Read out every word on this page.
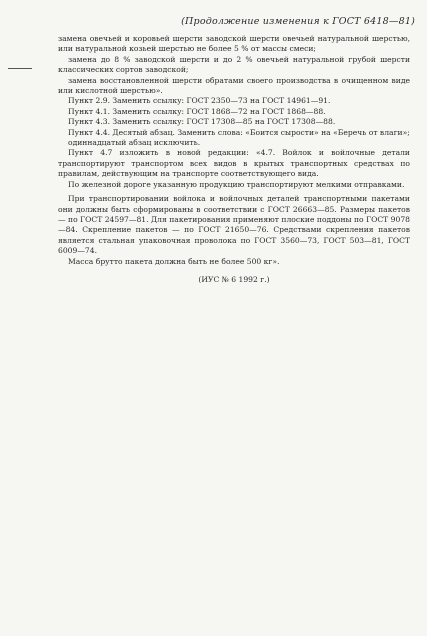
(Продолжение изменения к ГОСТ 6418—81)

замена овечьей и коровьей шерсти заводской шерсти овечьей натуральной шерстью, или натуральной козьей шерстью не более 5 % от массы смеси;

замена до 8 % заводской шерсти и до 2 % овечьей натуральной грубой шерсти классических сортов заводской;

замена восстановленной шерсти обратами своего производства в очищенном виде или кислотной шерстью».

Пункт 2.9. Заменить ссылку: ГОСТ 2350—73 на ГОСТ 14961—91.

Пункт 4.1. Заменить ссылку: ГОСТ 1868—72 на ГОСТ 1868—88.

Пункт 4.3. Заменить ссылку: ГОСТ 17308—85 на ГОСТ 17308—88.

Пункт 4.4. Десятый абзац. Заменить слова: «Боится сырости» на «Беречь от влаги»;

одиннадцатый абзац исключить.

Пункт 4.7 изложить в новой редакции: «4.7. Войлок и войлочные детали транспортируют транспортом всех видов в крытых транспортных средствах по правилам, действующим на транспорте соответствующего вида.

По железной дороге указанную продукцию транспортируют мелкими отправками.

При транспортировании войлока и войлочных деталей транспортными пакетами они должны быть сформированы в соответствии с ГОСТ 26663—85. Размеры пакетов — по ГОСТ 24597—81. Для пакетирования применяют плоские поддоны по ГОСТ 9078—84. Скрепление пакетов — по ГОСТ 21650—76. Средствами скрепления пакетов является стальная упаковочная проволока по ГОСТ 3560—73, ГОСТ 503—81, ГОСТ 6009—74.

Масса брутто пакета должна быть не более 500 кг».

(ИУС № 6 1992 г.)
